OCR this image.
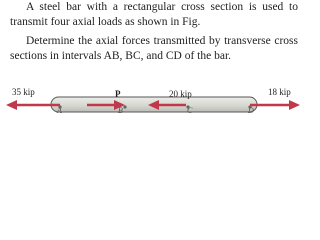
A steel bar with a rectangular cross section is used to transmit four axial loads as shown in Fig.

Determine the axial forces transmitted by transverse cross sections in intervals AB, BC, and CD of the bar.

A	B	C	D
35 kip	P	20 kip	18 kip
